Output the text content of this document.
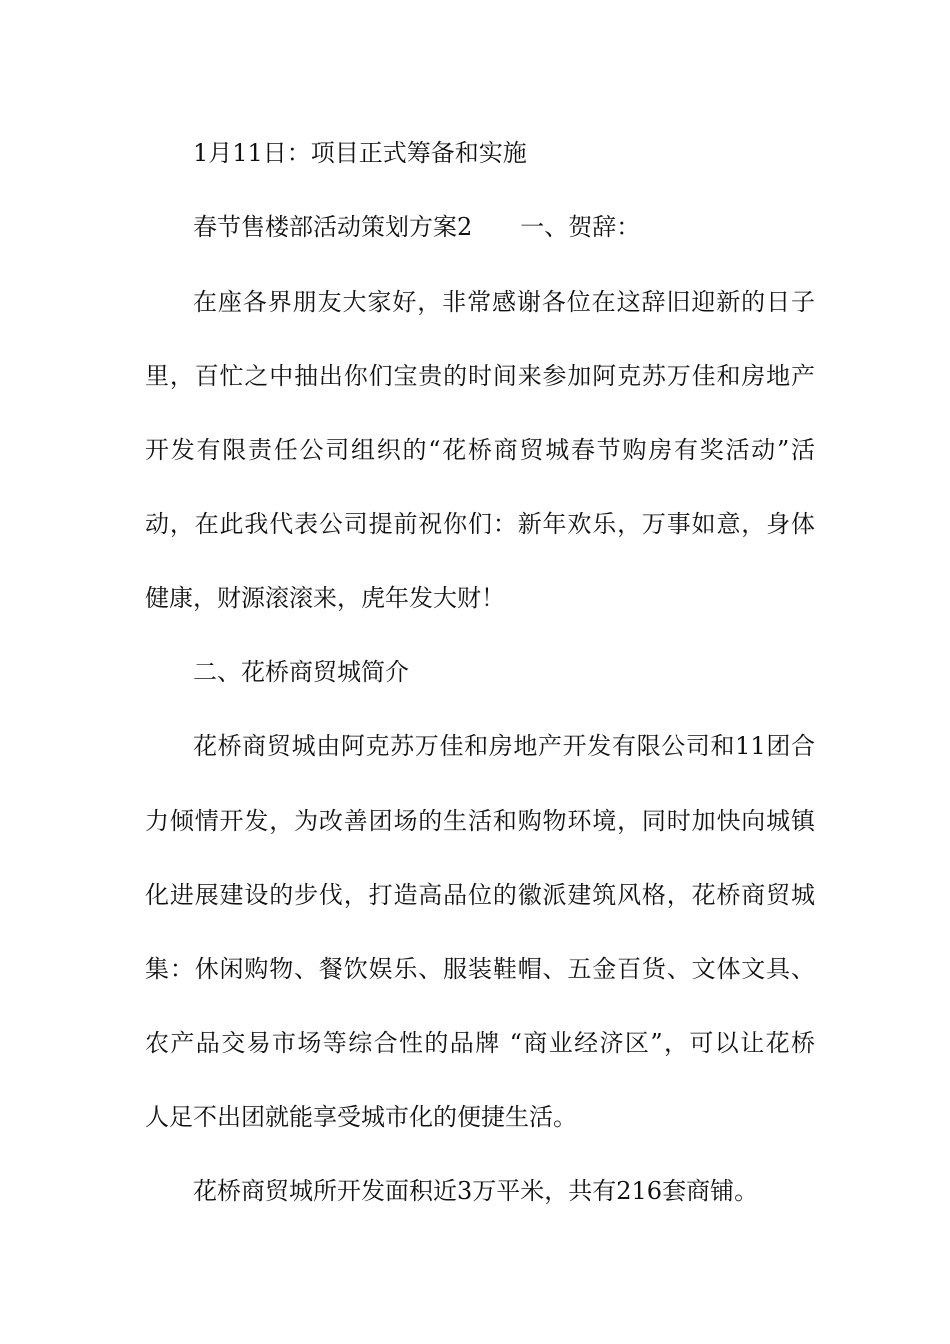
1月11日：项目正式筹备和实施
春节售楼部活动策划方案2　　一、贺辞：
在座各界朋友大家好，非常感谢各位在这辞旧迎新的日子
里，百忙之中抽出你们宝贵的时间来参加阿克苏万佳和房地产
开发有限责任公司组织的“花桥商贸城春节购房有奖活动”活
动，在此我代表公司提前祝你们：新年欢乐，万事如意，身体
健康，财源滚滚来，虎年发大财！
二、花桥商贸城简介
花桥商贸城由阿克苏万佳和房地产开发有限公司和11团合
力倾情开发，为改善团场的生活和购物环境，同时加快向城镇
化进展建设的步伐，打造高品位的徽派建筑风格，花桥商贸城
集：休闲购物、餐饮娱乐、服装鞋帽、五金百货、文体文具、
农产品交易市场等综合性的品牌 “商业经济区”，可以让花桥
人足不出团就能享受城市化的便捷生活。
花桥商贸城所开发面积近3万平米，共有216套商铺。
